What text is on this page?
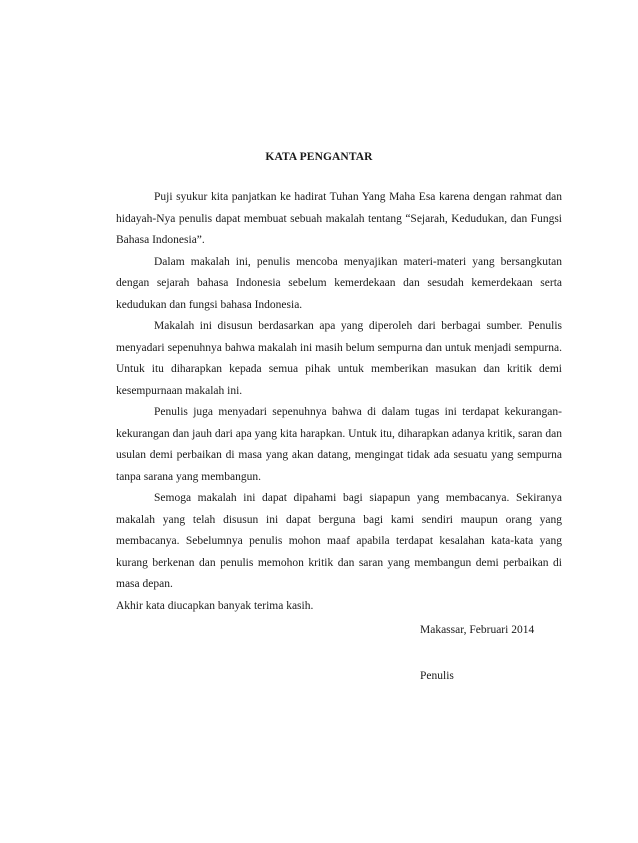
KATA PENGANTAR

Puji syukur kita panjatkan ke hadirat Tuhan Yang Maha Esa karena dengan rahmat dan hidayah-Nya penulis dapat membuat sebuah makalah tentang “Sejarah, Kedudukan, dan Fungsi Bahasa Indonesia”.

Dalam makalah ini, penulis mencoba menyajikan materi-materi yang bersangkutan dengan sejarah bahasa Indonesia sebelum kemerdekaan dan sesudah kemerdekaan serta kedudukan dan fungsi bahasa Indonesia.

Makalah ini disusun berdasarkan apa yang diperoleh dari berbagai sumber. Penulis menyadari sepenuhnya bahwa makalah ini masih belum sempurna dan untuk menjadi sempurna. Untuk itu diharapkan kepada semua pihak untuk memberikan masukan dan kritik demi kesempurnaan makalah ini.

Penulis juga menyadari sepenuhnya bahwa di dalam tugas ini terdapat kekurangan-kekurangan dan jauh dari apa yang kita harapkan. Untuk itu, diharapkan adanya kritik, saran dan usulan demi perbaikan di masa yang akan datang, mengingat tidak ada sesuatu yang sempurna tanpa sarana yang membangun.

Semoga makalah ini dapat dipahami bagi siapapun yang membacanya. Sekiranya makalah yang telah disusun ini dapat berguna bagi kami sendiri maupun orang yang membacanya. Sebelumnya penulis mohon maaf apabila terdapat kesalahan kata-kata yang kurang berkenan dan penulis memohon kritik dan saran yang membangun demi perbaikan di masa depan.

Akhir kata diucapkan banyak terima kasih.

Makassar, Februari 2014
Penulis
